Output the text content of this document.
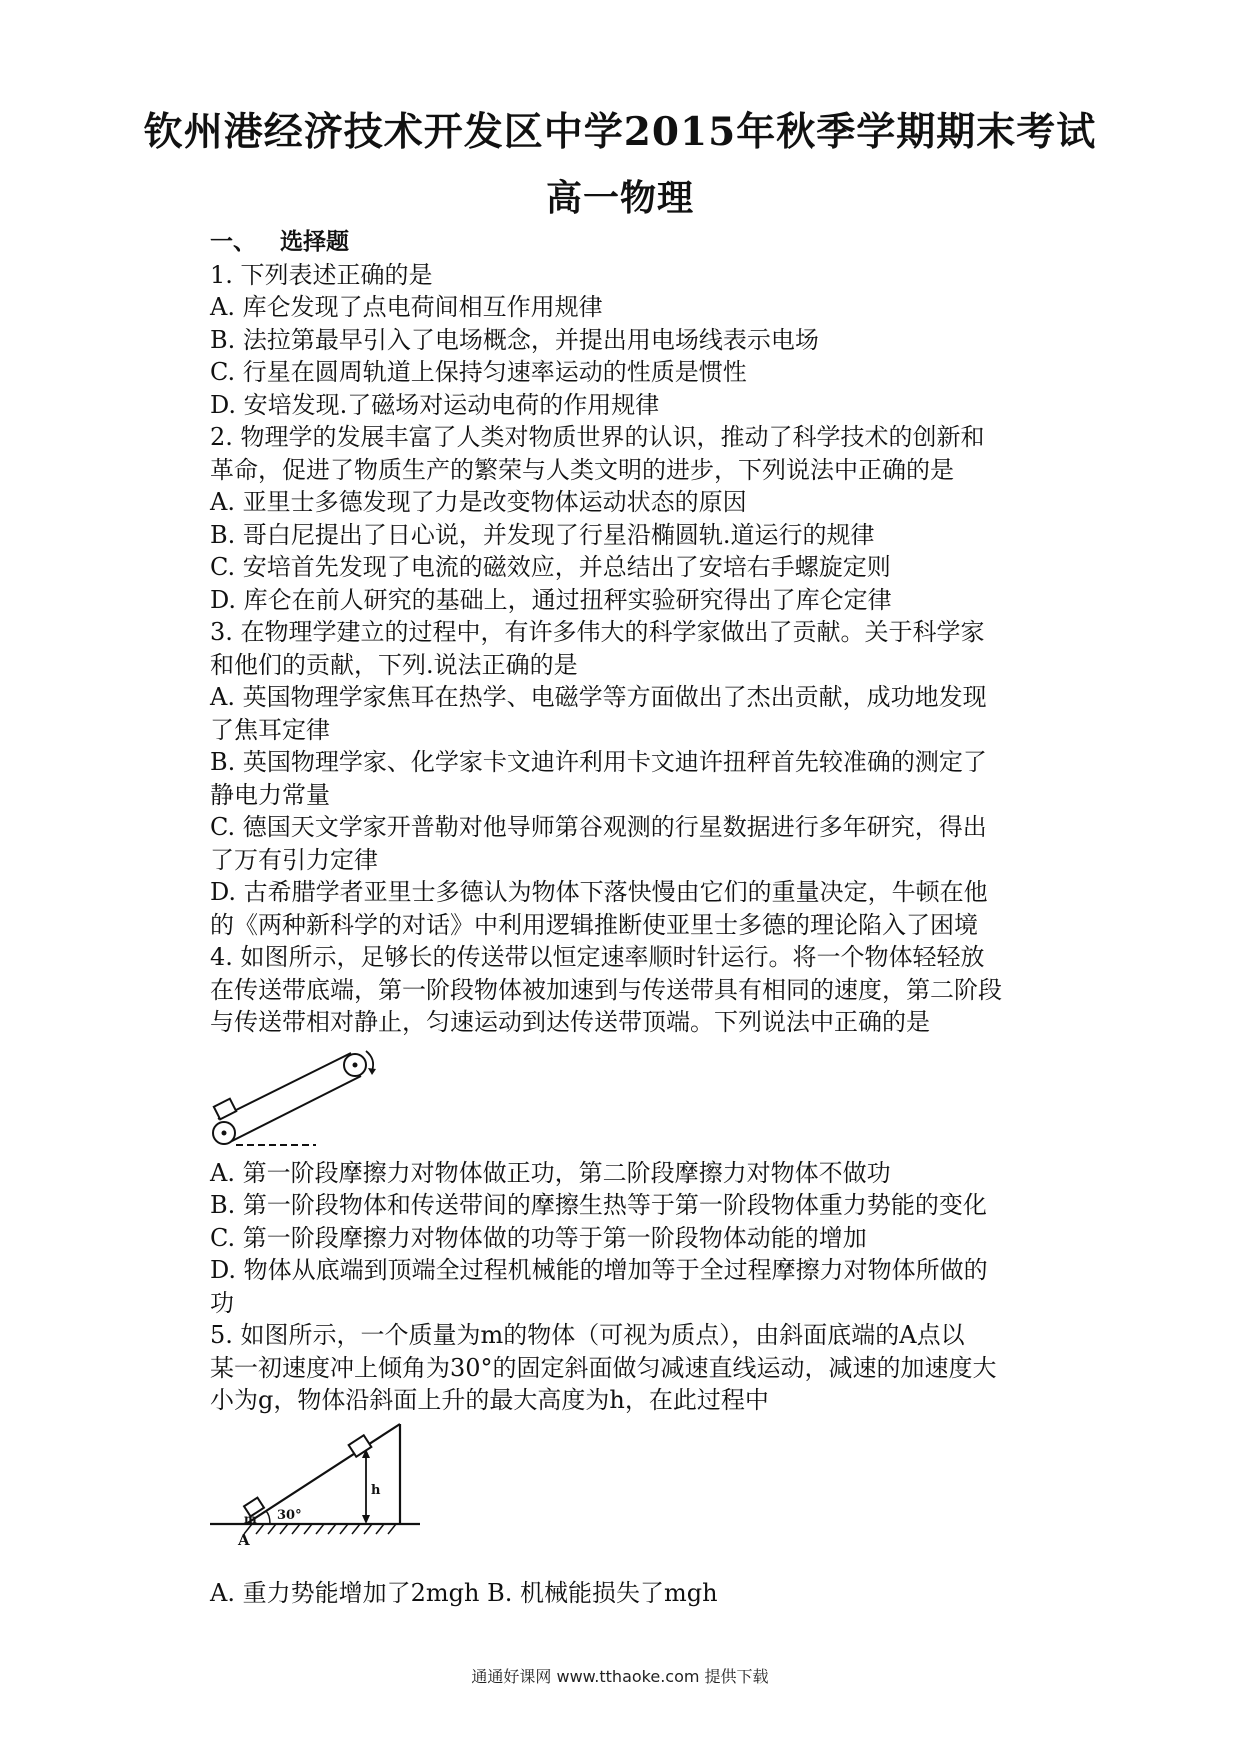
钦州港经济技术开发区中学2015年秋季学期期末考试
高一物理
一、 选择题
1. 下列表述正确的是
A. 库仑发现了点电荷间相互作用规律
B. 法拉第最早引入了电场概念，并提出用电场线表示电场
C. 行星在圆周轨道上保持匀速率运动的性质是惯性
D. 安培发现.了磁场对运动电荷的作用规律
2. 物理学的发展丰富了人类对物质世界的认识，推动了科学技术的创新和
革命，促进了物质生产的繁荣与人类文明的进步，下列说法中正确的是
A. 亚里士多德发现了力是改变物体运动状态的原因
B. 哥白尼提出了日心说，并发现了行星沿椭圆轨.道运行的规律
C. 安培首先发现了电流的磁效应，并总结出了安培右手螺旋定则
D. 库仑在前人研究的基础上，通过扭秤实验研究得出了库仑定律
3. 在物理学建立的过程中，有许多伟大的科学家做出了贡献。关于科学家
和他们的贡献，下列.说法正确的是
A. 英国物理学家焦耳在热学、电磁学等方面做出了杰出贡献，成功地发现
了焦耳定律
B. 英国物理学家、化学家卡文迪许利用卡文迪许扭秤首先较准确的测定了
静电力常量
C. 德国天文学家开普勒对他导师第谷观测的行星数据进行多年研究，得出
了万有引力定律
D. 古希腊学者亚里士多德认为物体下落快慢由它们的重量决定，牛顿在他
的《两种新科学的对话》中利用逻辑推断使亚里士多德的理论陷入了困境
4. 如图所示，足够长的传送带以恒定速率顺时针运行。将一个物体轻轻放
在传送带底端，第一阶段物体被加速到与传送带具有相同的速度，第二阶段
与传送带相对静止，匀速运动到达传送带顶端。下列说法中正确的是
A. 第一阶段摩擦力对物体做正功，第二阶段摩擦力对物体不做功
B. 第一阶段物体和传送带间的摩擦生热等于第一阶段物体重力势能的变化
C. 第一阶段摩擦力对物体做的功等于第一阶段物体动能的增加
D. 物体从底端到顶端全过程机械能的增加等于全过程摩擦力对物体所做的
功
5. 如图所示，一个质量为m的物体（可视为质点），由斜面底端的A点以
某一初速度冲上倾角为30°的固定斜面做匀减速直线运动，减速的加速度大
小为g，物体沿斜面上升的最大高度为h，在此过程中
m 30°
h
A
A. 重力势能增加了2mgh B. 机械能损失了mgh
通通好课网 www.tthaoke.com 提供下载
